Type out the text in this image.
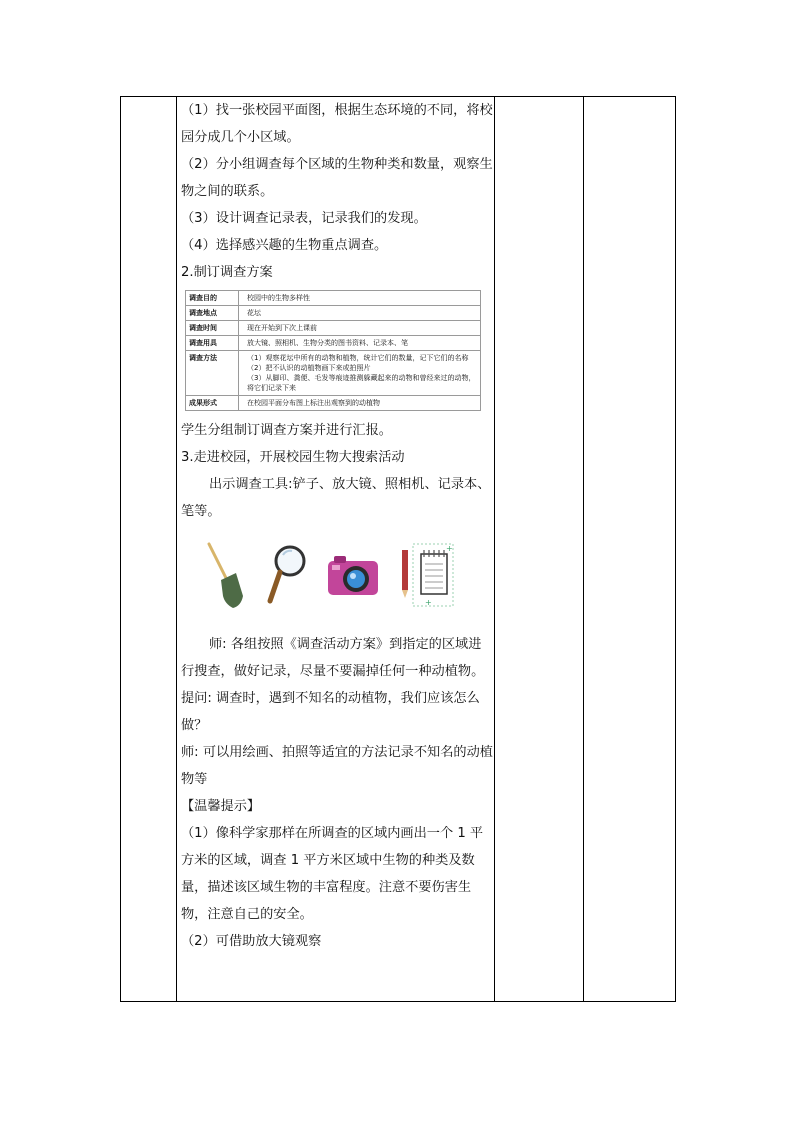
（1）找一张校园平面图，根据生态环境的不同，将校园分成几个小区域。

（2）分小组调查每个区域的生物种类和数量，观察生物之间的联系。

（3）设计调查记录表，记录我们的发现。

（4）选择感兴趣的生物重点调查。

2.制订调查方案

调查目的	校园中的生物多样性
调查地点	花坛
调查时间	现在开始到下次上课前
调查用具	放大镜、照相机、生物分类的图书资料、记录本、笔
调查方法	（1）观察花坛中所有的动物和植物，统计它们的数量，记下它们的名称
（2）把不认识的动植物画下来或拍照片
（3）从脚印、粪便、毛发等痕迹推测躲藏起来的动物和曾经来过的动物，将它们记录下来
成果形式	在校园平面分布图上标注出观察到的动植物

学生分组制订调查方案并进行汇报。

3.走进校园，开展校园生物大搜索活动

出示调查工具:铲子、放大镜、照相机、记录本、笔等。

+
+

师: 各组按照《调查活动方案》到指定的区域进行搜查，做好记录，尽量不要漏掉任何一种动植物。

提问: 调查时，遇到不知名的动植物，我们应该怎么做？

师: 可以用绘画、拍照等适宜的方法记录不知名的动植物等

【温馨提示】

（1）像科学家那样在所调查的区域内画出一个 1 平方米的区域，调查 1 平方米区域中生物的种类及数量，描述该区域生物的丰富程度。注意不要伤害生物，注意自己的安全。

（2）可借助放大镜观察
